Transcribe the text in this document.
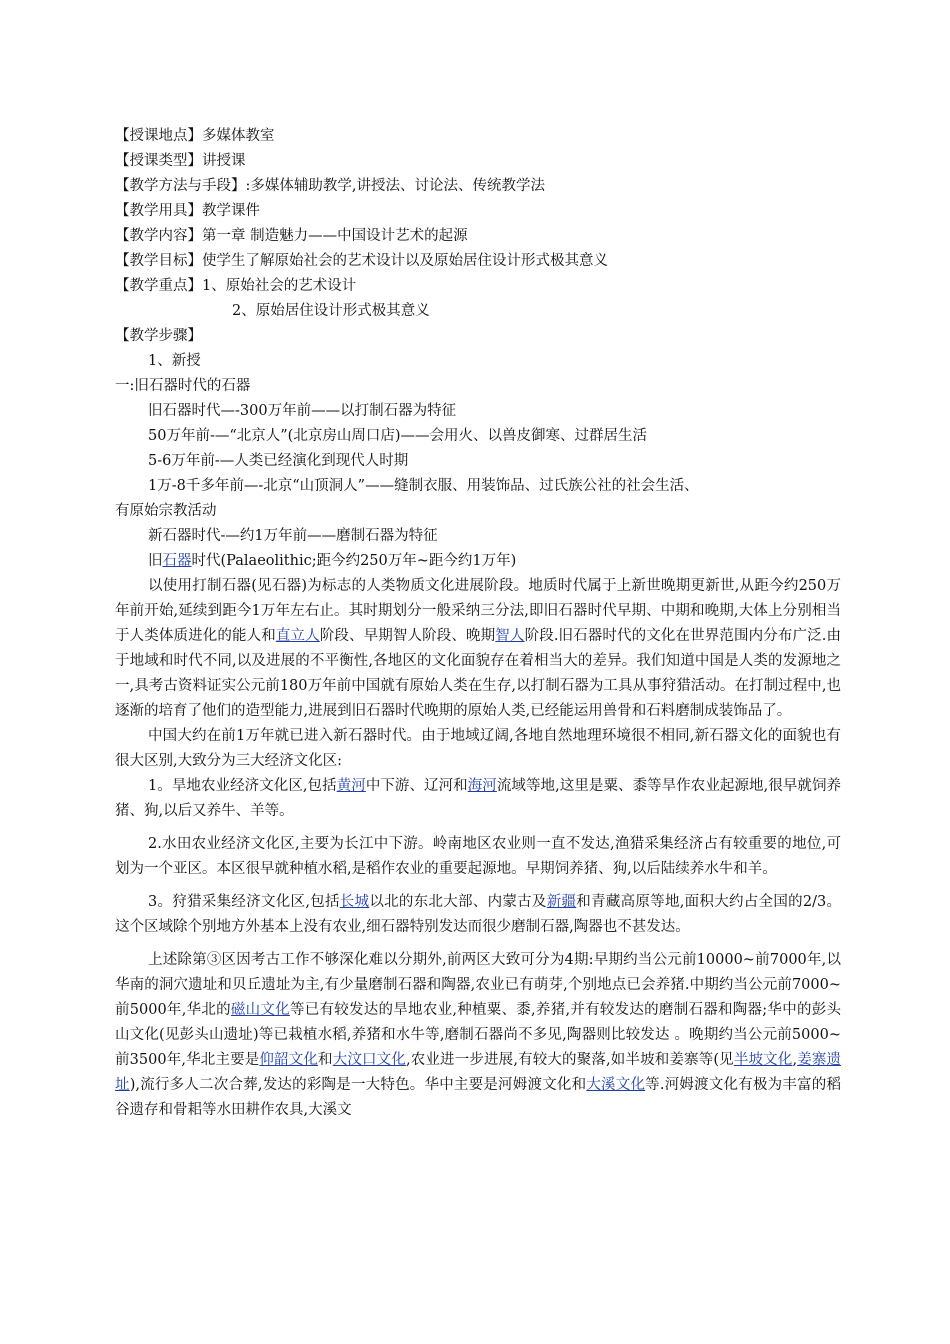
【授课地点】多媒体教室
【授课类型】讲授课
【教学方法与手段】:多媒体辅助教学,讲授法、讨论法、传统教学法
【教学用具】教学课件
【教学内容】第一章 制造魅力——中国设计艺术的起源
【教学目标】使学生了解原始社会的艺术设计以及原始居住设计形式极其意义
【教学重点】1、原始社会的艺术设计
2、原始居住设计形式极其意义
【教学步骤】
1、新授
一:旧石器时代的石器
旧石器时代—-300万年前——以打制石器为特征
50万年前-—“北京人”(北京房山周口店)——会用火、以兽皮御寒、过群居生活
5-6万年前-—人类已经演化到现代人时期
1万-8千多年前—-北京“山顶洞人”——缝制衣服、用装饰品、过氏族公社的社会生活、
有原始宗教活动
新石器时代-—约1万年前——磨制石器为特征
旧石器时代(Palaeolithic;距今约250万年~距今约1万年)

以使用打制石器(见石器)为标志的人类物质文化进展阶段。地质时代属于上新世晚期更新世,从距今约250万年前开始,延续到距今1万年左右止。其时期划分一般采纳三分法,即旧石器时代早期、中期和晚期,大体上分别相当于人类体质进化的能人和直立人阶段、早期智人阶段、晚期智人阶段.旧石器时代的文化在世界范围内分布广泛.由于地域和时代不同,以及进展的不平衡性,各地区的文化面貌存在着相当大的差异。我们知道中国是人类的发源地之一,具考古资料证实公元前180万年前中国就有原始人类在生存,以打制石器为工具从事狩猎活动。在打制过程中,也逐渐的培育了他们的造型能力,进展到旧石器时代晚期的原始人类,已经能运用兽骨和石料磨制成装饰品了。

中国大约在前1万年就已进入新石器时代。由于地域辽阔,各地自然地理环境很不相同,新石器文化的面貌也有很大区别,大致分为三大经济文化区:

1。旱地农业经济文化区,包括黄河中下游、辽河和海河流域等地,这里是粟、黍等旱作农业起源地,很早就饲养猪、狗,以后又养牛、羊等。

2.水田农业经济文化区,主要为长江中下游。岭南地区农业则一直不发达,渔猎采集经济占有较重要的地位,可划为一个亚区。本区很早就种植水稻,是稻作农业的重要起源地。早期饲养猪、狗,以后陆续养水牛和羊。

3。狩猎采集经济文化区,包括长城以北的东北大部、内蒙古及新疆和青藏高原等地,面积大约占全国的2/3。这个区域除个别地方外基本上没有农业,细石器特别发达而很少磨制石器,陶器也不甚发达。

上述除第③区因考古工作不够深化难以分期外,前两区大致可分为4期:早期约当公元前10000~前7000年,以华南的洞穴遗址和贝丘遗址为主,有少量磨制石器和陶器,农业已有萌芽,个别地点已会养猪.中期约当公元前7000~前5000年,华北的磁山文化等已有较发达的旱地农业,种植粟、黍,养猪,并有较发达的磨制石器和陶器;华中的彭头山文化(见彭头山遗址)等已栽植水稻,养猪和水牛等,磨制石器尚不多见,陶器则比较发达 。晚期约当公元前5000~前3500年,华北主要是仰韶文化和大汶口文化,农业进一步进展,有较大的聚落,如半坡和姜寨等(见半坡文化,姜寨遗址),流行多人二次合葬,发达的彩陶是一大特色。华中主要是河姆渡文化和大溪文化等.河姆渡文化有极为丰富的稻谷遗存和骨耜等水田耕作农具,大溪文
